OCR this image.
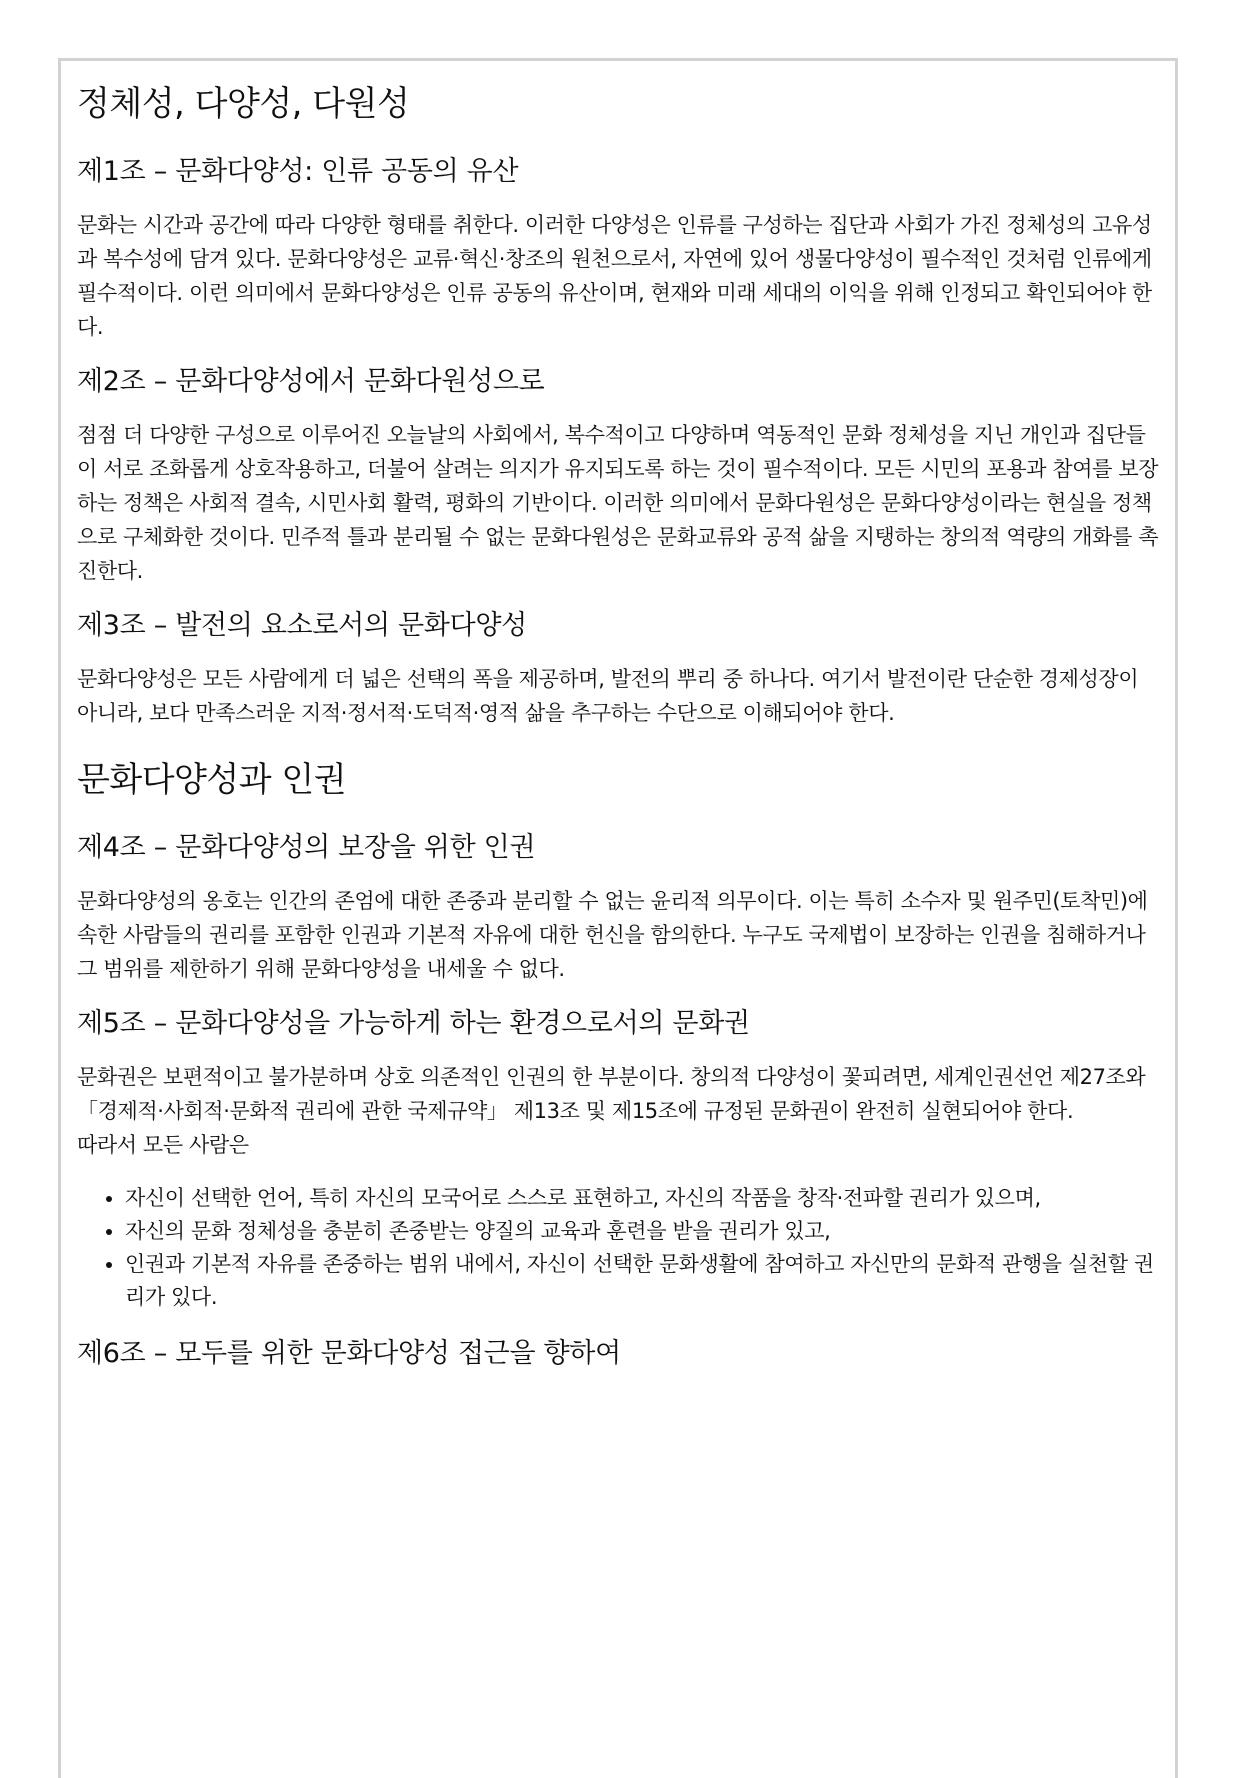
정체성, 다양성, 다원성
제1조 – 문화다양성: 인류 공동의 유산

문화는 시간과 공간에 따라 다양한 형태를 취한다. 이러한 다양성은 인류를 구성하는 집단과 사회가 가진 정체성의 고유성과 복수성에 담겨 있다. 문화다양성은 교류·혁신·창조의 원천으로서, 자연에 있어 생물다양성이 필수적인 것처럼 인류에게 필수적이다. 이런 의미에서 문화다양성은 인류 공동의 유산이며, 현재와 미래 세대의 이익을 위해 인정되고 확인되어야 한다.

제2조 – 문화다양성에서 문화다원성으로

점점 더 다양한 구성으로 이루어진 오늘날의 사회에서, 복수적이고 다양하며 역동적인 문화 정체성을 지닌 개인과 집단들이 서로 조화롭게 상호작용하고, 더불어 살려는 의지가 유지되도록 하는 것이 필수적이다. 모든 시민의 포용과 참여를 보장하는 정책은 사회적 결속, 시민사회 활력, 평화의 기반이다. 이러한 의미에서 문화다원성은 문화다양성이라는 현실을 정책으로 구체화한 것이다. 민주적 틀과 분리될 수 없는 문화다원성은 문화교류와 공적 삶을 지탱하는 창의적 역량의 개화를 촉진한다.

제3조 – 발전의 요소로서의 문화다양성

문화다양성은 모든 사람에게 더 넓은 선택의 폭을 제공하며, 발전의 뿌리 중 하나다. 여기서 발전이란 단순한 경제성장이 아니라, 보다 만족스러운 지적·정서적·도덕적·영적 삶을 추구하는 수단으로 이해되어야 한다.

문화다양성과 인권
제4조 – 문화다양성의 보장을 위한 인권

문화다양성의 옹호는 인간의 존엄에 대한 존중과 분리할 수 없는 윤리적 의무이다. 이는 특히 소수자 및 원주민(토착민)에 속한 사람들의 권리를 포함한 인권과 기본적 자유에 대한 헌신을 함의한다. 누구도 국제법이 보장하는 인권을 침해하거나 그 범위를 제한하기 위해 문화다양성을 내세울 수 없다.

제5조 – 문화다양성을 가능하게 하는 환경으로서의 문화권

문화권은 보편적이고 불가분하며 상호 의존적인 인권의 한 부분이다. 창의적 다양성이 꽃피려면, 세계인권선언 제27조와 「경제적·사회적·문화적 권리에 관한 국제규약」 제13조 및 제15조에 규정된 문화권이 완전히 실현되어야 한다.
따라서 모든 사람은

• 자신이 선택한 언어, 특히 자신의 모국어로 스스로 표현하고, 자신의 작품을 창작·전파할 권리가 있으며,
• 자신의 문화 정체성을 충분히 존중받는 양질의 교육과 훈련을 받을 권리가 있고,
• 인권과 기본적 자유를 존중하는 범위 내에서, 자신이 선택한 문화생활에 참여하고 자신만의 문화적 관행을 실천할 권리가 있다.
제6조 – 모두를 위한 문화다양성 접근을 향하여
